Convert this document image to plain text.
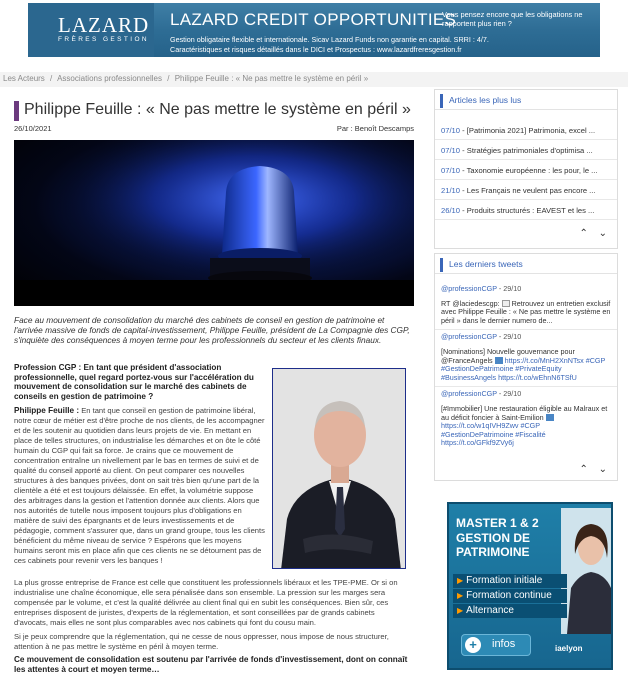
LAZARD
FRÈRES GESTION
LAZARD CREDIT OPPORTUNITIES
Gestion obligataire flexible et internationale. Sicav Lazard Funds non garantie en capital. SRRI : 4/7.
Caractéristiques et risques détaillés dans le DICI et Prospectus : www.lazardfreresgestion.fr
Vous pensez encore que les obligations ne rapportent plus rien ?
Les Acteurs / Associations professionnelles / Philippe Feuille : « Ne pas mettre le système en péril »
Philippe Feuille : « Ne pas mettre le système en péril »
26/10/2021	Par : Benoît Descamps

Face au mouvement de consolidation du marché des cabinets de conseil en gestion de patrimoine et l'arrivée massive de fonds de capital-investissement, Philippe Feuille, président de La Compagnie des CGP, s'inquiète des conséquences à moyen terme pour les professionnels du secteur et les clients finaux.

Profession CGP : En tant que président d'association professionnelle, quel regard portez-vous sur l'accélération du mouvement de consolidation sur le marché des cabinets de conseils en gestion de patrimoine ?

Philippe Feuille : En tant que conseil en gestion de patrimoine libéral, notre cœur de métier est d'être proche de nos clients, de les accompagner et de les soutenir au quotidien dans leurs projets de vie. En mettant en place de telles structures, on industrialise les démarches et on ôte le côté humain du CGP qui fait sa force. Je crains que ce mouvement de concentration entraîne un nivellement par le bas en termes de suivi et de qualité du conseil apporté au client. On peut comparer ces nouvelles structures à des banques privées, dont on sait très bien qu'une part de la clientèle a été et est toujours délaissée. En effet, la volumétrie suppose des arbitrages dans la gestion et l'attention donnée aux clients. Alors que nos autorités de tutelle nous imposent toujours plus d'obligations en matière de suivi des épargnants et de leurs investissements et de pédagogie, comment s'assurer que, dans un grand groupe, tous les clients bénéficient du même niveau de service ? Espérons que les moyens humains seront mis en place afin que ces clients ne se détournent pas de ces cabinets pour revenir vers les banques !

La plus grosse entreprise de France est celle que constituent les professionnels libéraux et les TPE-PME. Or si on industrialise une chaîne économique, elle sera pénalisée dans son ensemble. La pression sur les marges sera compensée par le volume, et c'est la qualité délivrée au client final qui en subit les conséquences. Bien sûr, ces entreprises disposent de juristes, d'experts de la réglementation, et sont conseillées par de grands cabinets d'avocats, mais elles ne sont plus comparables avec nos cabinets qui font du cousu main.

Si je peux comprendre que la réglementation, qui ne cesse de nous oppresser, nous impose de nous structurer, attention à ne pas mettre le système en péril à moyen terme.

Ce mouvement de consolidation est soutenu par l'arrivée de fonds d'investissement, dont on connaît les attentes à court et moyen terme…

Articles les plus lus
07/10 - [Patrimonia 2021] Patrimonia, excel ...
07/10 - Stratégies patrimoniales d'optimisa ...
07/10 - Taxonomie européenne : les pour, le ...
21/10 - Les Français ne veulent pas encore ...
26/10 - Produits structurés : EAVEST et les ...
⌃ ⌄
Les derniers tweets
@professionCGP - 29/10
RT @laciedescgp:  Retrouvez un entretien exclusif avec Philippe Feuille : « Ne pas mettre le système en péril » dans le dernier numero de...
@professionCGP - 29/10
[Nominations] Nouvelle gouvernance pour @FranceAngels  https://t.co/MnH2XnNTsx #CGP #GestionDePatrimoine #PrivateEquity #BusinessAngels https://t.co/wEhnN6TSfU
@professionCGP - 29/10
[#Immobilier] Une restauration éligible au Malraux et au déficit foncier à Saint-Emilion  https://t.co/w1qIVH9Zwv #CGP #GestionDePatrimoine #Fiscalité https://t.co/GFkf9ZVy6j
⌃ ⌄
MASTER 1 & 2
GESTION DE
PATRIMOINE
▶ Formation initiale
▶ Formation continue
▶ Alternance
+	infos	iaelyon
